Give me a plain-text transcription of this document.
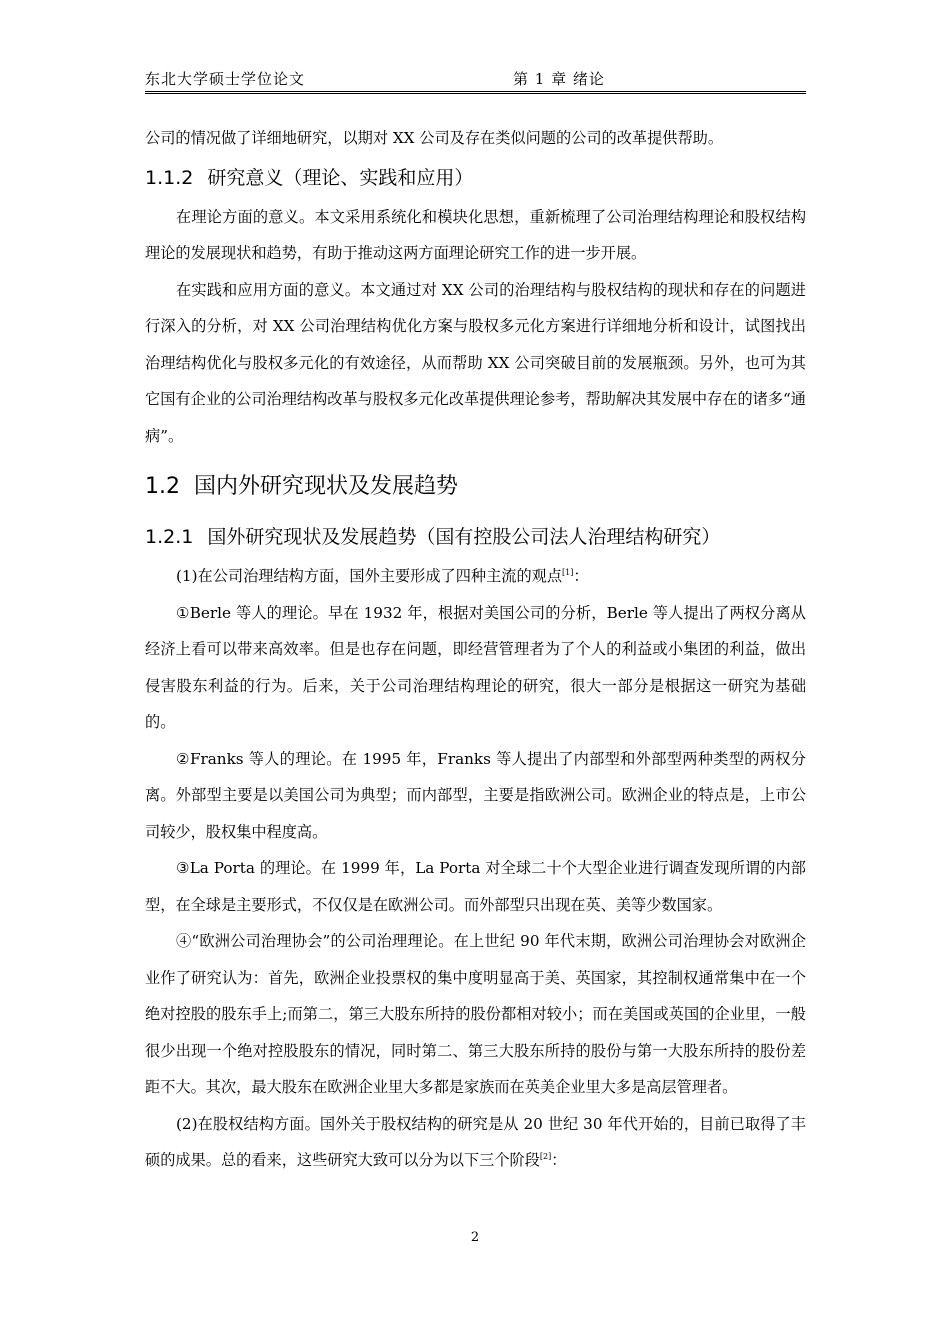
东北大学硕士学位论文	第 1 章 绪论

公司的情况做了详细地研究，以期对 XX 公司及存在类似问题的公司的改革提供帮助。

1.1.2 研究意义（理论、实践和应用）

在理论方面的意义。本文采用系统化和模块化思想，重新梳理了公司治理结构理论和股权结构理论的发展现状和趋势，有助于推动这两方面理论研究工作的进一步开展。

在实践和应用方面的意义。本文通过对 XX 公司的治理结构与股权结构的现状和存在的问题进行深入的分析，对 XX 公司治理结构优化方案与股权多元化方案进行详细地分析和设计，试图找出治理结构优化与股权多元化的有效途径，从而帮助 XX 公司突破目前的发展瓶颈。另外，也可为其它国有企业的公司治理结构改革与股权多元化改革提供理论参考，帮助解决其发展中存在的诸多“通病”。

1.2 国内外研究现状及发展趋势

1.2.1 国外研究现状及发展趋势（国有控股公司法人治理结构研究）

(1)在公司治理结构方面，国外主要形成了四种主流的观点[1]：

①Berle 等人的理论。早在 1932 年，根据对美国公司的分析，Berle 等人提出了两权分离从经济上看可以带来高效率。但是也存在问题，即经营管理者为了个人的利益或小集团的利益，做出侵害股东利益的行为。后来，关于公司治理结构理论的研究，很大一部分是根据这一研究为基础的。

②Franks 等人的理论。在 1995 年，Franks 等人提出了内部型和外部型两种类型的两权分离。外部型主要是以美国公司为典型；而内部型，主要是指欧洲公司。欧洲企业的特点是，上市公司较少，股权集中程度高。

③La Porta 的理论。在 1999 年，La Porta 对全球二十个大型企业进行调查发现所谓的内部型，在全球是主要形式，不仅仅是在欧洲公司。而外部型只出现在英、美等少数国家。

④“欧洲公司治理协会”的公司治理理论。在上世纪 90 年代末期，欧洲公司治理协会对欧洲企业作了研究认为：首先，欧洲企业投票权的集中度明显高于美、英国家，其控制权通常集中在一个绝对控股的股东手上;而第二，第三大股东所持的股份都相对较小；而在美国或英国的企业里，一般很少出现一个绝对控股股东的情况，同时第二、第三大股东所持的股份与第一大股东所持的股份差距不大。其次，最大股东在欧洲企业里大多都是家族而在英美企业里大多是高层管理者。

(2)在股权结构方面。国外关于股权结构的研究是从 20 世纪 30 年代开始的，目前已取得了丰硕的成果。总的看来，这些研究大致可以分为以下三个阶段[2]：

2
